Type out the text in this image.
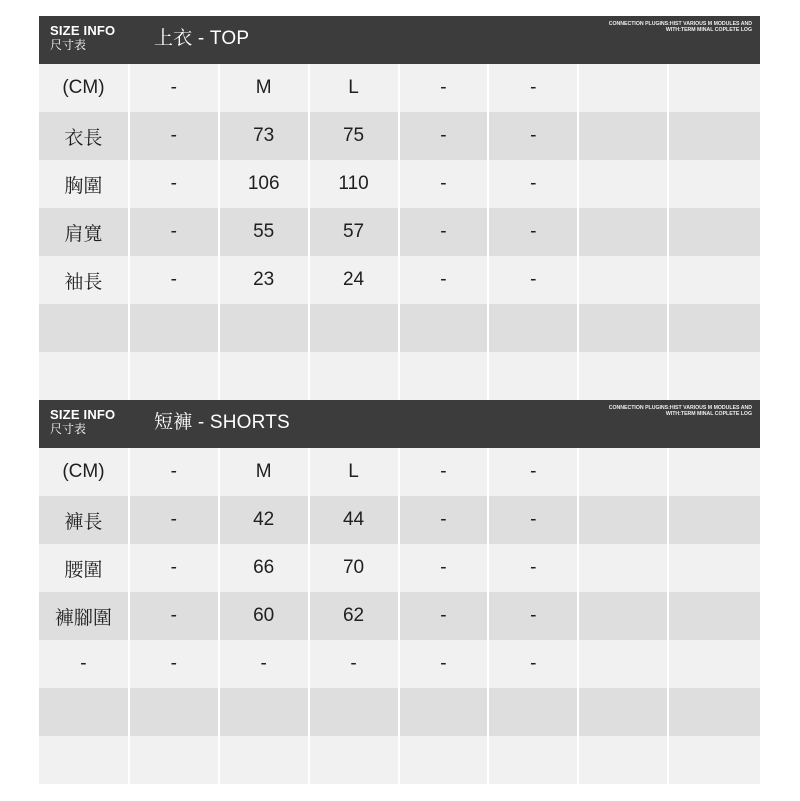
SIZE INFO
尺寸表	上衣 - TOP
CONNECTION PLUGINS:HIST VARIOUS M MODULES AND
WITH:TERM MINAL COPLETE LOG
(CM)	-	M	L	-	-
衣長	-	73	75	-	-
胸圍	-	106	110	-	-
肩寬	-	55	57	-	-
袖長	-	23	24	-	-
SIZE INFO
尺寸表	短褲 - SHORTS
CONNECTION PLUGINS:HIST VARIOUS M MODULES AND
WITH:TERM MINAL COPLETE LOG
(CM)	-	M	L	-	-
褲長	-	42	44	-	-
腰圍	-	66	70	-	-
褲腳圍	-	60	62	-	-
-	-	-	-	-	-
